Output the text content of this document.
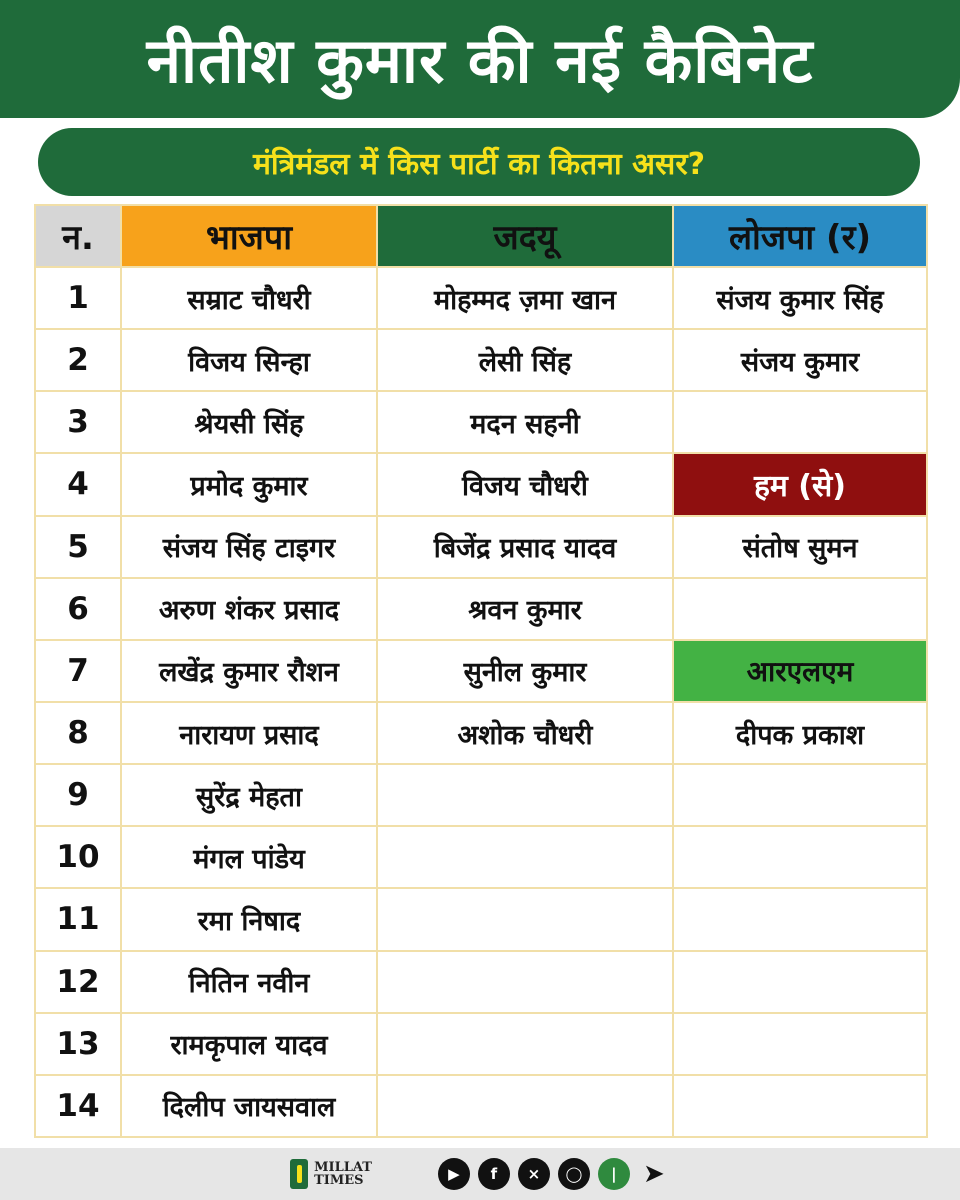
नीतीश कुमार की नई कैबिनेट
मंत्रिमंडल में किस पार्टी का कितना असर?
न.	भाजपा	जदयू	लोजपा (र)
1	सम्राट चौधरी	मोहम्मद ज़मा खान	संजय कुमार सिंह
2	विजय सिन्हा	लेसी सिंह	संजय कुमार
3	श्रेयसी सिंह	मदन सहनी	
4	प्रमोद कुमार	विजय चौधरी	हम (से)
5	संजय सिंह टाइगर	बिजेंद्र प्रसाद यादव	संतोष सुमन
6	अरुण शंकर प्रसाद	श्रवन कुमार	
7	लखेंद्र कुमार रौशन	सुनील कुमार	आरएलएम
8	नारायण प्रसाद	अशोक चौधरी	दीपक प्रकाश
9	सुरेंद्र मेहता		
10	मंगल पांडेय		
11	रमा निषाद		
12	नितिन नवीन		
13	रामकृपाल यादव		
14	दिलीप जायसवाल		
MILLAT
TIMES	▶	f	×	◯	|	➤
